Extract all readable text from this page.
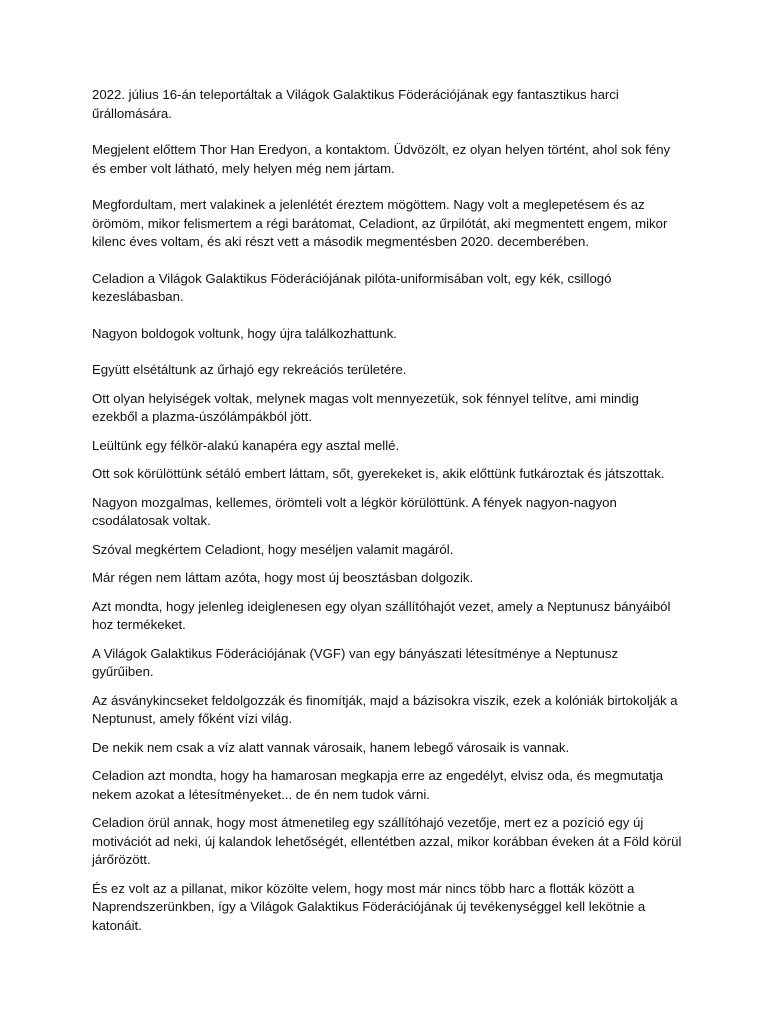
2022. július 16-án teleportáltak a Világok Galaktikus Föderációjának egy fantasztikus harci űrállomására.

Megjelent előttem Thor Han Eredyon, a kontaktom. Üdvözölt, ez olyan helyen történt, ahol sok fény és ember volt látható, mely helyen még nem jártam.

Megfordultam, mert valakinek a jelenlétét éreztem mögöttem. Nagy volt a meglepetésem és az örömöm, mikor felismertem a régi barátomat, Celadiont, az űrpilótát, aki megmentett engem, mikor kilenc éves voltam, és aki részt vett a második megmentésben 2020. decemberében.

Celadion a Világok Galaktikus Föderációjának pilóta-uniformisában volt, egy kék, csillogó kezeslábasban.

Nagyon boldogok voltunk, hogy újra találkozhattunk.

Együtt elsétáltunk az űrhajó egy rekreációs területére.

Ott olyan helyiségek voltak, melynek magas volt mennyezetük, sok fénnyel telítve, ami mindig ezekből a plazma-úszólámpákból jött.

Leültünk egy félkör-alakú kanapéra egy asztal mellé.

Ott sok körülöttünk sétáló embert láttam, sőt, gyerekeket is, akik előttünk futkároztak és játszottak.

Nagyon mozgalmas, kellemes, örömteli volt a légkör körülöttünk. A fények nagyon-nagyon csodálatosak voltak.

Szóval megkértem Celadiont, hogy meséljen valamit magáról.

Már régen nem láttam azóta, hogy most új beosztásban dolgozik.

Azt mondta, hogy jelenleg ideiglenesen egy olyan szállítóhajót vezet, amely a Neptunusz bányáiból hoz termékeket.

A Világok Galaktikus Föderációjának (VGF) van egy bányászati létesítménye a Neptunusz gyűrűiben.

Az ásványkincseket feldolgozzák és finomítják, majd a bázisokra viszik, ezek a kolóniák birtokolják a Neptunust, amely főként vízi világ.

De nekik nem csak a víz alatt vannak városaik, hanem lebegő városaik is vannak.

Celadion azt mondta, hogy ha hamarosan megkapja erre az engedélyt, elvisz oda, és megmutatja nekem azokat a létesítményeket... de én nem tudok várni.

Celadion örül annak, hogy most átmenetileg egy szállítóhajó vezetője, mert ez a pozíció egy új motivációt ad neki, új kalandok lehetőségét, ellentétben azzal, mikor korábban éveken át a Föld körül járőrözött.

És ez volt az a pillanat, mikor közölte velem, hogy most már nincs több harc a flották között a Naprendszerünkben, így a Világok Galaktikus Föderációjának új tevékenységgel kell lekötnie a katonáit.
